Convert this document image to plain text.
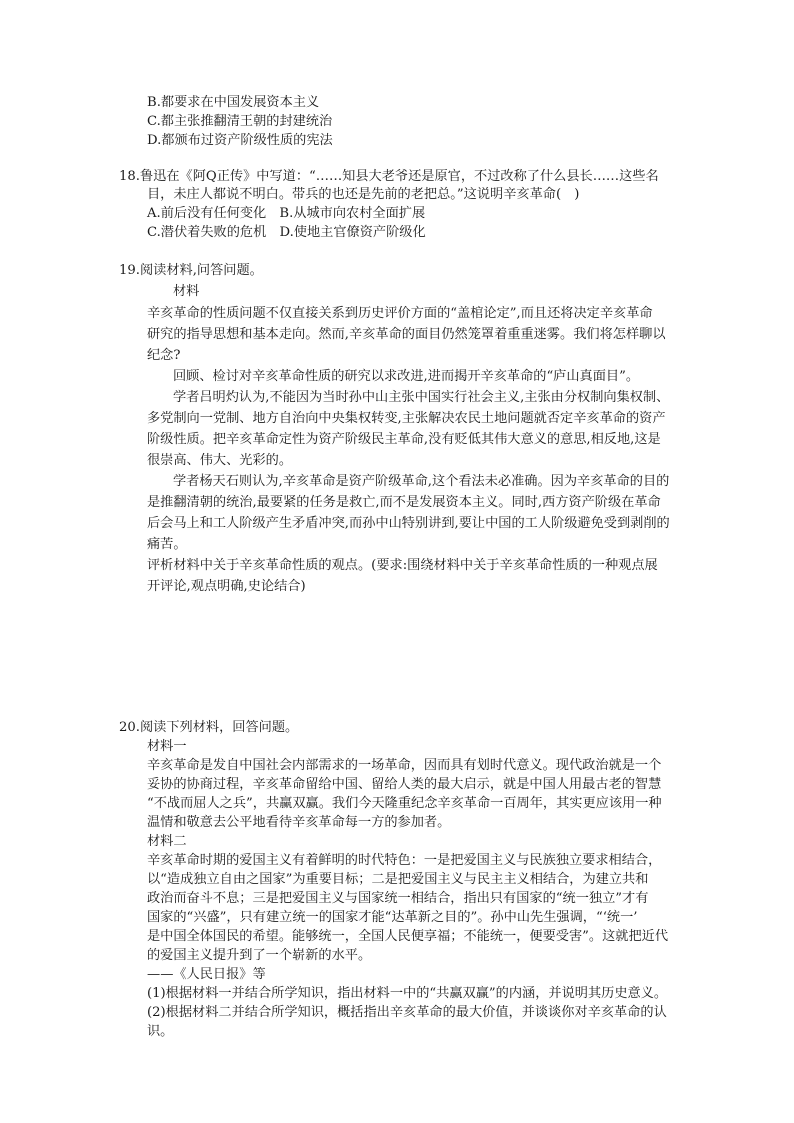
B.都要求在中国发展资本主义
C.都主张推翻清王朝的封建统治
D.都颁布过资产阶级性质的宪法
18.鲁迅在《阿Q正传》中写道：“……知县大老爷还是原官，不过改称了什么县长……这些名
目，未庄人都说不明白。带兵的也还是先前的老把总。”这说明辛亥革命(　)
A.前后没有任何变化　B.从城市向农村全面扩展
C.潜伏着失败的危机　D.使地主官僚资产阶级化
19.阅读材料,问答问题。
材料
辛亥革命的性质问题不仅直接关系到历史评价方面的“盖棺论定”,而且还将决定辛亥革命
研究的指导思想和基本走向。然而,辛亥革命的面目仍然笼罩着重重迷雾。我们将怎样聊以
纪念?
回顾、检讨对辛亥革命性质的研究以求改进,进而揭开辛亥革命的“庐山真面目”。
学者吕明灼认为,不能因为当时孙中山主张中国实行社会主义,主张由分权制向集权制、
多党制向一党制、地方自治向中央集权转变,主张解决农民土地问题就否定辛亥革命的资产
阶级性质。把辛亥革命定性为资产阶级民主革命,没有贬低其伟大意义的意思,相反地,这是
很崇高、伟大、光彩的。
学者杨天石则认为,辛亥革命是资产阶级革命,这个看法未必准确。因为辛亥革命的目的
是推翻清朝的统治,最要紧的任务是救亡,而不是发展资本主义。同时,西方资产阶级在革命
后会马上和工人阶级产生矛盾冲突,而孙中山特别讲到,要让中国的工人阶级避免受到剥削的
痛苦。
评析材料中关于辛亥革命性质的观点。(要求:围绕材料中关于辛亥革命性质的一种观点展
开评论,观点明确,史论结合)
20.阅读下列材料，回答问题。
材料一
辛亥革命是发自中国社会内部需求的一场革命，因而具有划时代意义。现代政治就是一个
妥协的协商过程，辛亥革命留给中国、留给人类的最大启示，就是中国人用最古老的智慧
“不战而屈人之兵”，共赢双赢。我们今天隆重纪念辛亥革命一百周年，其实更应该用一种
温情和敬意去公平地看待辛亥革命每一方的参加者。
材料二
辛亥革命时期的爱国主义有着鲜明的时代特色：一是把爱国主义与民族独立要求相结合，
以“造成独立自由之国家”为重要目标；二是把爱国主义与民主主义相结合，为建立共和
政治而奋斗不息；三是把爱国主义与国家统一相结合，指出只有国家的“统一独立”才有
国家的“兴盛”，只有建立统一的国家才能“达革新之目的”。孙中山先生强调，“‘统一’
是中国全体国民的希望。能够统一，全国人民便享福；不能统一，便要受害”。这就把近代
的爱国主义提升到了一个崭新的水平。
——《人民日报》等
(1)根据材料一并结合所学知识，指出材料一中的“共赢双赢”的内涵，并说明其历史意义。
(2)根据材料二并结合所学知识，概括指出辛亥革命的最大价值，并谈谈你对辛亥革命的认
识。
